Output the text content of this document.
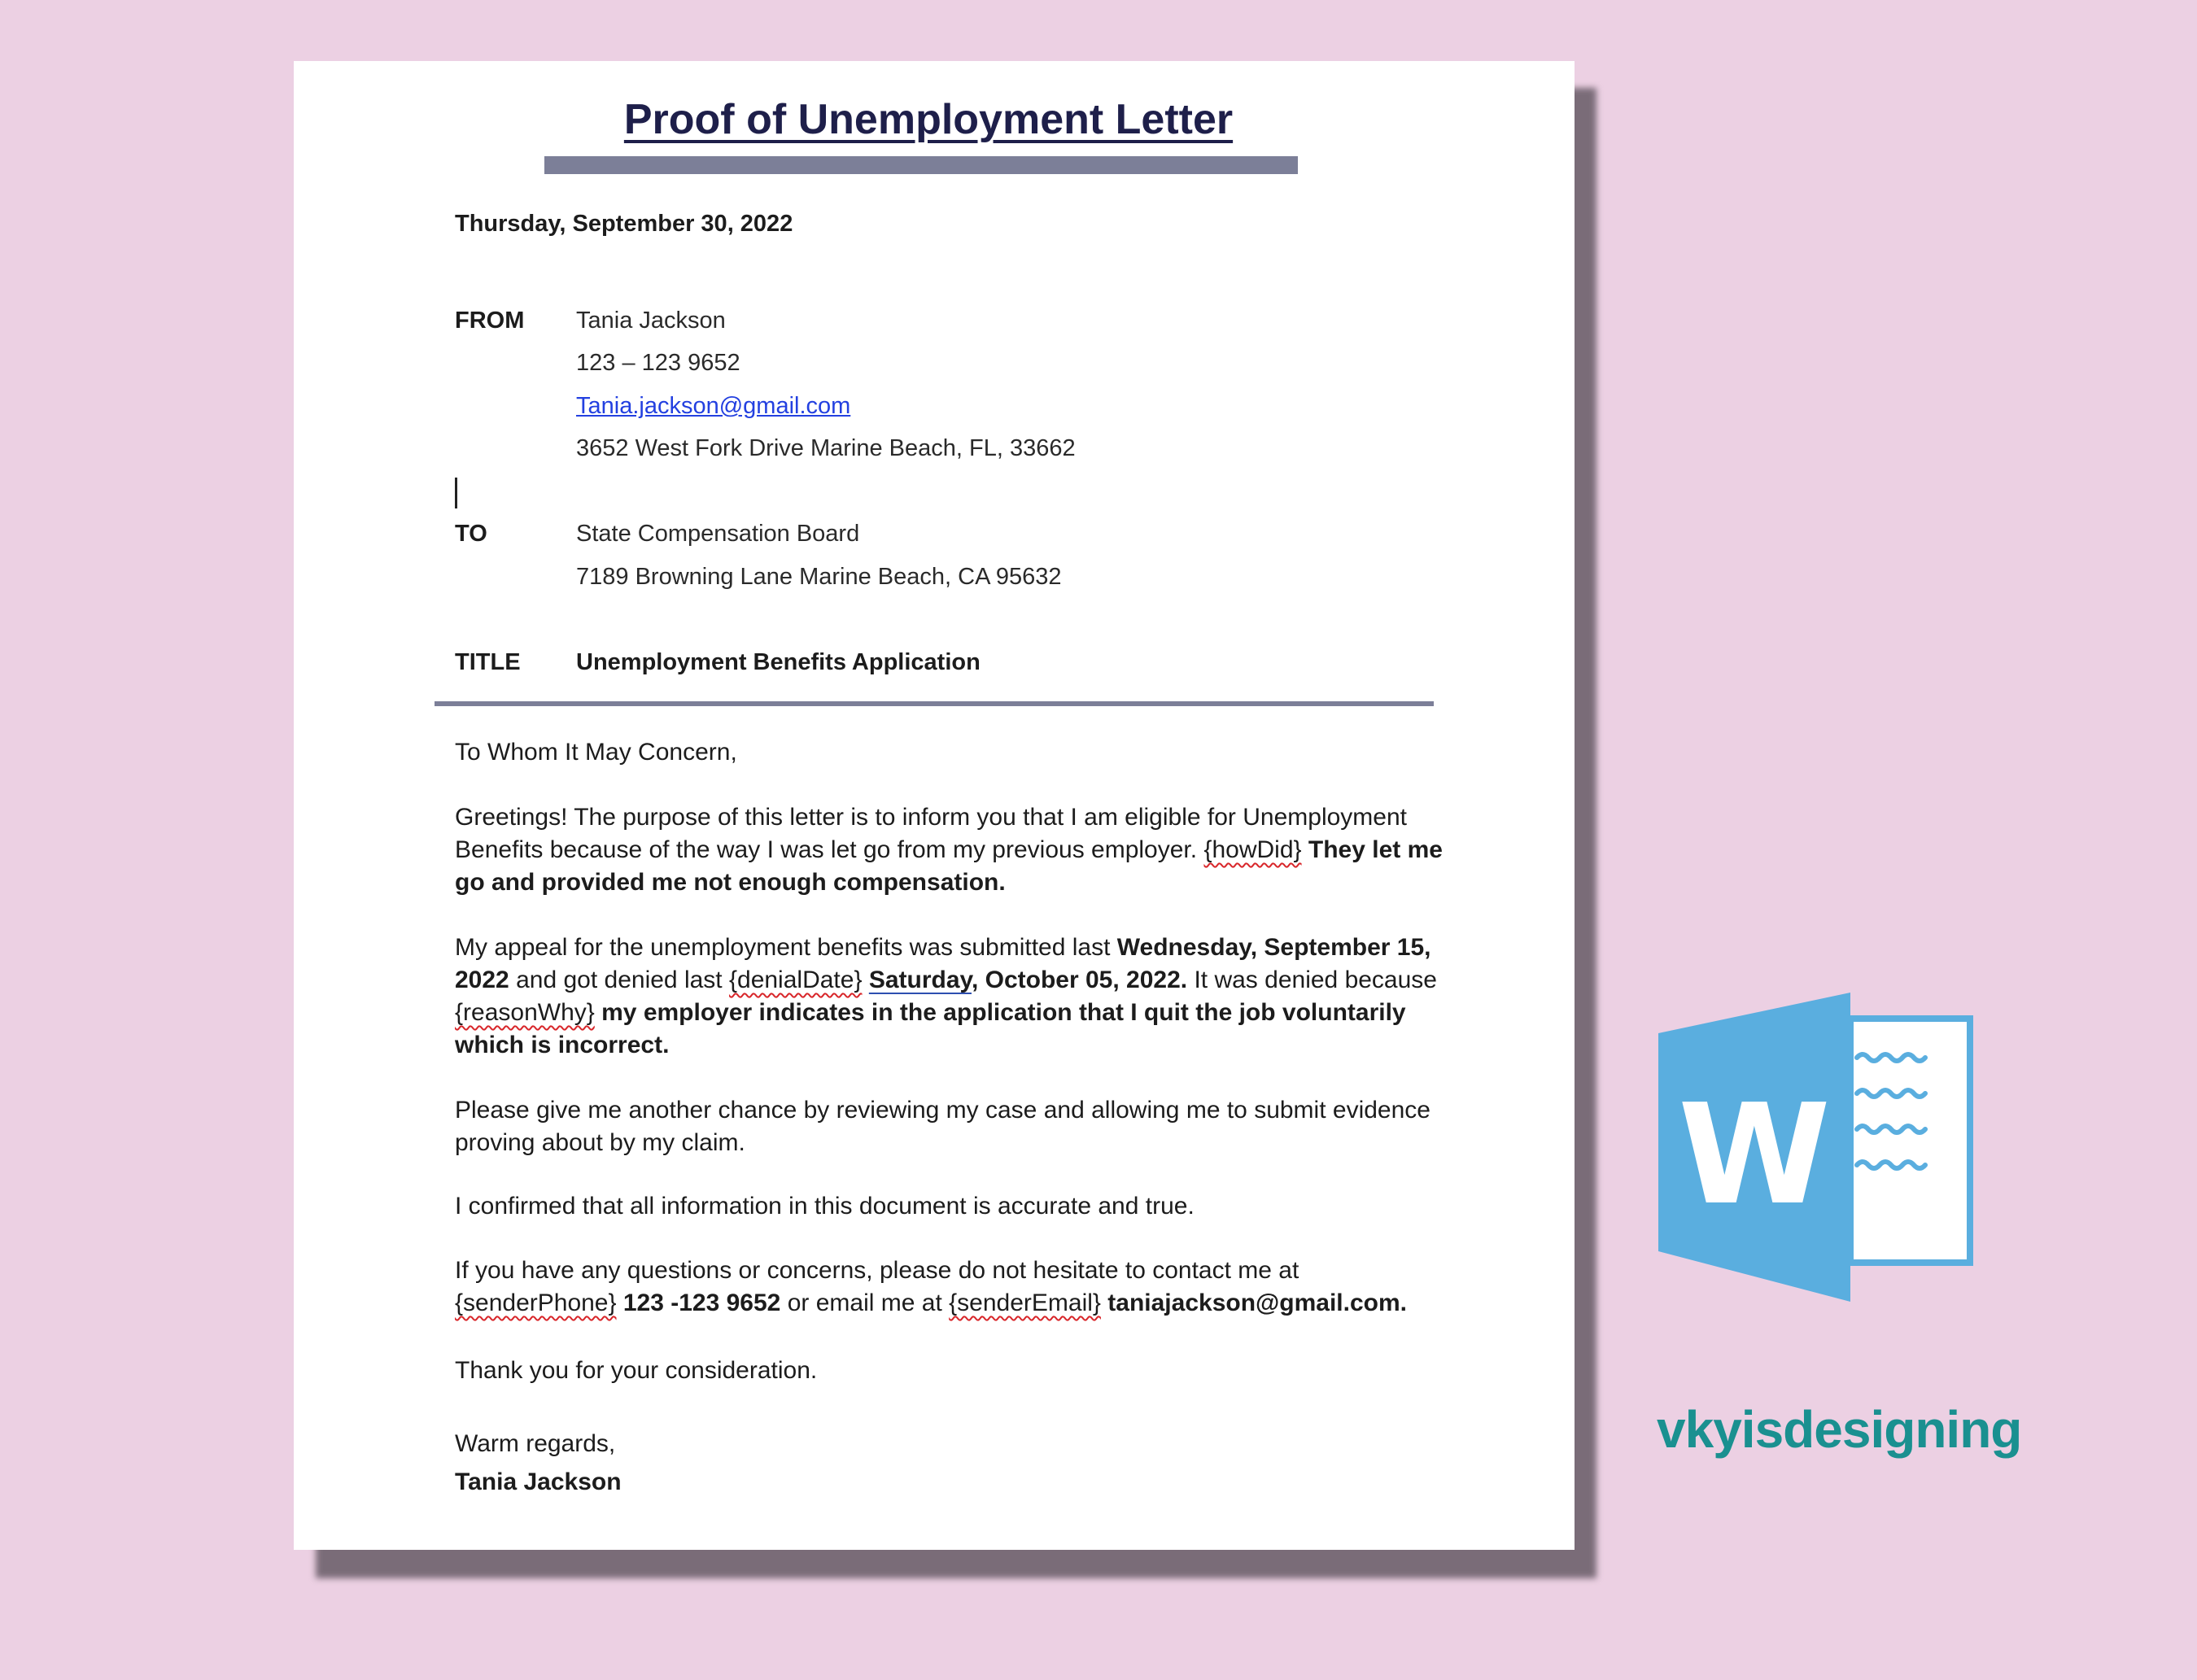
Proof of Unemployment Letter
Thursday, September 30, 2022
FROM Tania Jackson
123 – 123 9652
Tania.jackson@gmail.com
3652 West Fork Drive Marine Beach, FL, 33662
TO	State Compensation Board
7189 Browning Lane Marine Beach, CA 95632
TITLE Unemployment Benefits Application
To Whom It May Concern,
Greetings! The purpose of this letter is to inform you that I am eligible for Unemployment Benefits because of the way I was let go from my previous employer. {howDid} They let me go and provided me not enough compensation.
My appeal for the unemployment benefits was submitted last Wednesday, September 15, 2022 and got denied last {denialDate} Saturday, October 05, 2022. It was denied because {reasonWhy} my employer indicates in the application that I quit the job voluntarily which is incorrect.
Please give me another chance by reviewing my case and allowing me to submit evidence proving about by my claim.
I confirmed that all information in this document is accurate and true.
If you have any questions or concerns, please do not hesitate to contact me at {senderPhone} 123 -123 9652 or email me at {senderEmail} taniajackson@gmail.com.
Thank you for your consideration.
Warm regards,
Tania Jackson
W
vkyisdesigning
